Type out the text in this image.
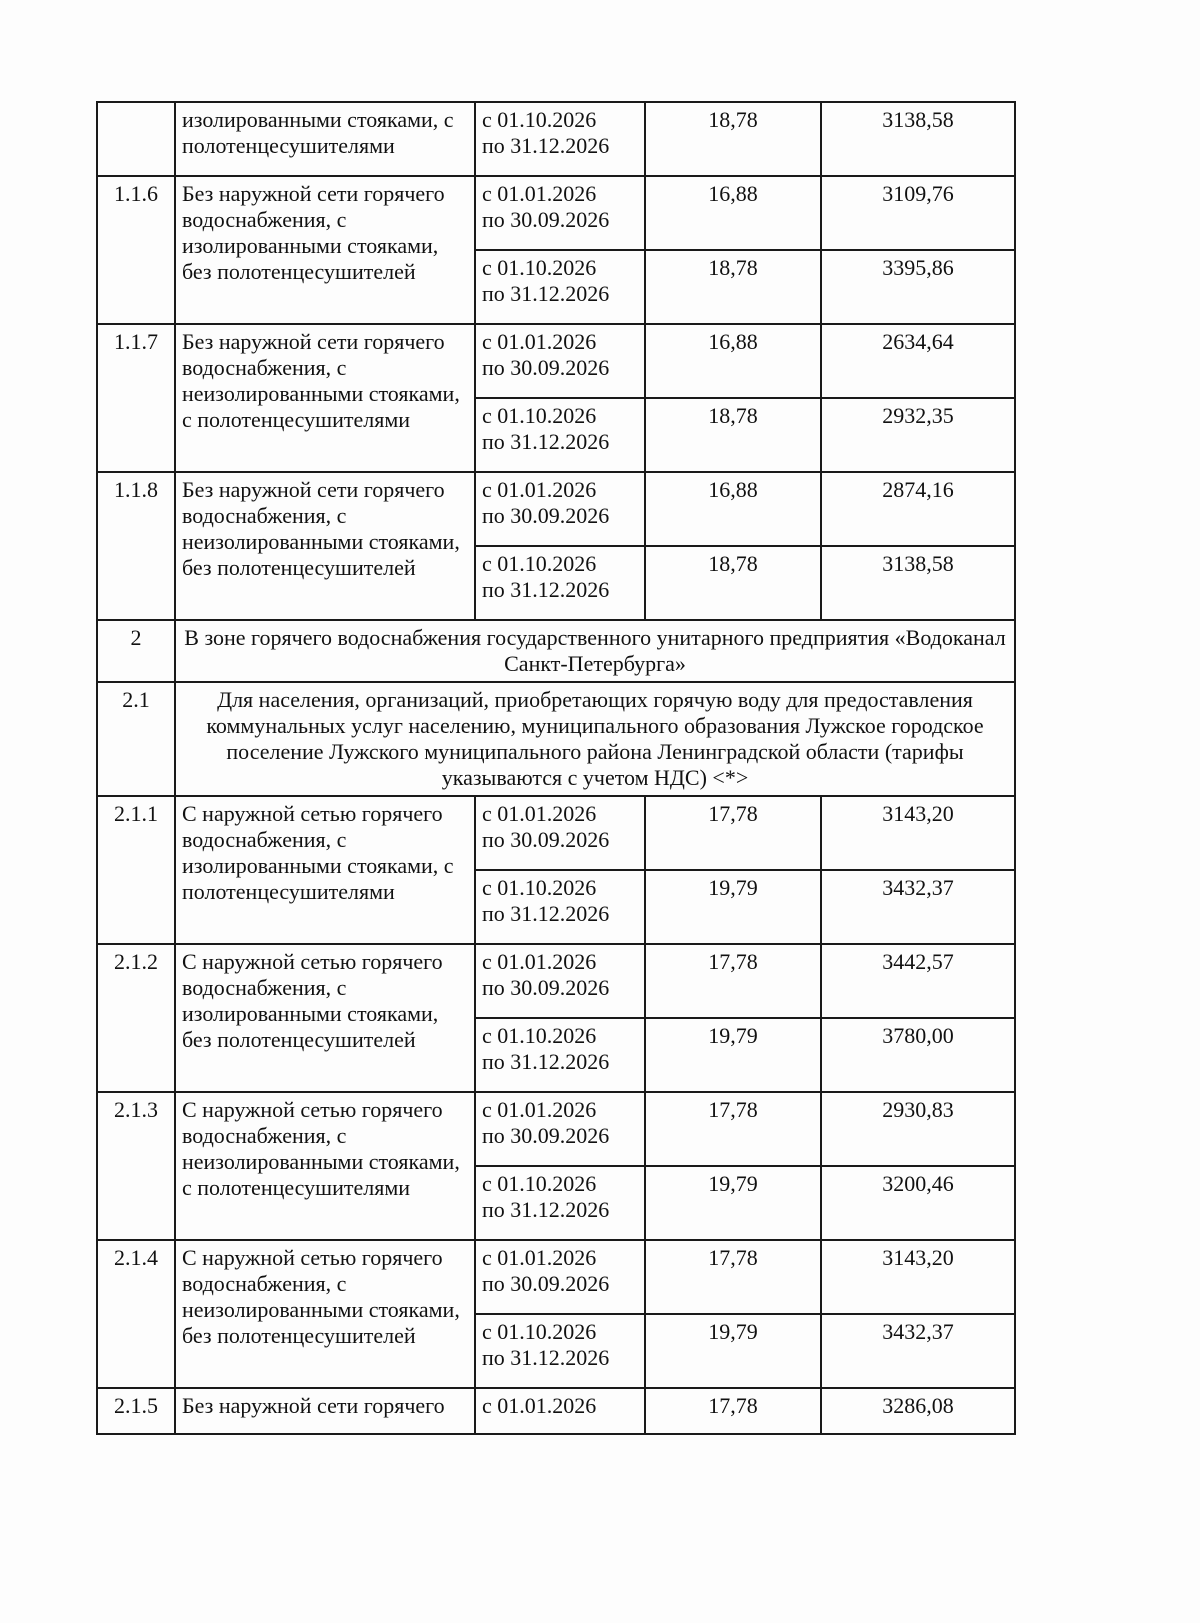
	изолированными стояками, с полотенцесушителями	с 01.10.2026
по 31.12.2026	18,78	3138,58
1.1.6	Без наружной сети горячего водоснабжения, с изолированными стояками, без полотенцесушителей	с 01.01.2026
по 30.09.2026	16,88	3109,76

		с 01.10.2026
по 31.12.2026	18,78	3395,86
1.1.7	Без наружной сети горячего водоснабжения, с неизолированными стояками, с полотенцесушителями	с 01.01.2026
по 30.09.2026	16,88	2634,64

		с 01.10.2026
по 31.12.2026	18,78	2932,35
1.1.8	Без наружной сети горячего водоснабжения, с неизолированными стояками, без полотенцесушителей	с 01.01.2026
по 30.09.2026	16,88	2874,16

		с 01.10.2026
по 31.12.2026	18,78	3138,58
2	В зоне горячего водоснабжения государственного унитарного предприятия «Водоканал Санкт-Петербурга»			
2.1	Для населения, организаций, приобретающих горячую воду для предоставления коммунальных услуг населению, муниципального образования Лужское городское поселение Лужского муниципального района Ленинградской области (тарифы указываются с учетом НДС) <*>			
2.1.1	С наружной сетью горячего водоснабжения, с изолированными стояками, с полотенцесушителями	с 01.01.2026
по 30.09.2026	17,78	3143,20

		с 01.10.2026
по 31.12.2026	19,79	3432,37
2.1.2	С наружной сетью горячего водоснабжения, с изолированными стояками, без полотенцесушителей	с 01.01.2026
по 30.09.2026	17,78	3442,57

		с 01.10.2026
по 31.12.2026	19,79	3780,00
2.1.3	С наружной сетью горячего водоснабжения, с неизолированными стояками, с полотенцесушителями	с 01.01.2026
по 30.09.2026	17,78	2930,83

		с 01.10.2026
по 31.12.2026	19,79	3200,46
2.1.4	С наружной сетью горячего водоснабжения, с неизолированными стояками, без полотенцесушителей	с 01.01.2026
по 30.09.2026	17,78	3143,20

		с 01.10.2026
по 31.12.2026	19,79	3432,37
2.1.5	Без наружной сети горячего	с 01.01.2026	17,78	3286,08
